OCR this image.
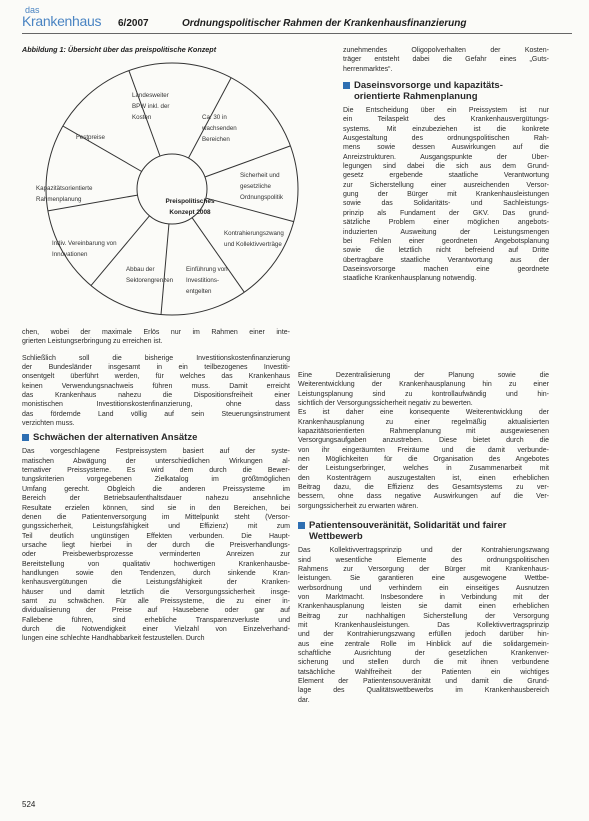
das
Krankenhaus 6/2007	Ordnungspolitischer Rahmen der Krankenhausfinanzierung
Abbildung 1: Übersicht über das preispolitische Konzept
Preispolitisches
Konzept 2008
Festpreise
Landesweiter
BPW inkl. der
Kosten	Ca. 30 in
wachsenden
Bereichen
Kapazitätsorientierte
Rahmenplanung
Sicherheit und
gesetzliche
Ordnungspolitik
Kontrahierungszwang
und Kollektivverträge
Indiv. Vereinbarung von
Innovationen
Abbau der
Sektorengrenzen
Einführung von
Investitions-
entgelten
chen, wobei der maximale Erlös nur im Rahmen einer inte-
grierten Leistungserbringung zu erreichen ist.
Schließlich soll die bisherige Investitionskostenfinanzierung
der Bundesländer insgesamt in ein teilbezogenes Investiti-
onsentgelt überführt werden, für welches das Krankenhaus
keinen Verwendungsnachweis führen muss. Damit erreicht
das Krankenhaus nahezu die Dispositionsfreiheit einer
monistischen Investitionskostenfinanzierung, ohne dass
das fördernde Land völlig auf sein Steuerungsinstrument
verzichten muss.
Schwächen der alternativen Ansätze
Das vorgeschlagene Festpreissystem basiert auf der syste-
matischen Abwägung der unterschiedlichen Wirkungen al-
ternativer Preissysteme. Es wird dem durch die Bewer-
tungskriterien vorgegebenen Zielkatalog im größtmöglichen
Umfang gerecht. Obgleich die anderen Preissysteme im
Bereich der Betriebsaufenthaltsdauer nahezu ansehnliche
Resultate erzielen können, sind sie in den Bereichen, bei
denen die Patientenversorgung im Mittelpunkt steht (Versor-
gungssicherheit, Leistungsfähigkeit und Effizienz) mit zum
Teil deutlich ungünstigen Effekten verbunden. Die Haupt-
ursache liegt hierbei in der durch die Preisverhandlungs-
oder Preisbewerbsprozesse verminderten Anreizen zur
Bereitstellung von qualitativ hochwertigen Krankenhausbe-
handlungen sowie den Tendenzen, durch sinkende Kran-
kenhausvergütungen die Leistungsfähigkeit der Kranken-
häuser und damit letztlich die Versorgungssicherheit insge-
samt zu schwächen. Für alle Preissysteme, die zu einer in-
dividualisierung der Preise auf Hausebene oder gar auf
Fallebene führen, sind erhebliche Transparenzverluste und
durch die Notwendigkeit einer Vielzahl von Einzelverhand-
lungen eine schlechte Handhabbarkeit festzustellen. Durch
zunehmendes Oligopolverhalten der Kosten-
träger entsteht dabei die Gefahr eines „Guts-
herrenmarktes“.
Daseinsvorsorge und kapazitäts-
orientierte Rahmenplanung
Die Entscheidung über ein Preissystem ist nur
ein Teilaspekt des Krankenhausvergütungs-
systems. Mit einzubeziehen ist die konkrete
Ausgestaltung des ordnungspolitischen Rah-
mens sowie dessen Auswirkungen auf die
Anreizstrukturen. Ausgangspunkte der Über-
legungen sind dabei die sich aus dem Grund-
gesetz ergebende staatliche Verantwortung
zur Sicherstellung einer ausreichenden Versor-
gung der Bürger mit Krankenhausleistungen
sowie das Solidaritäts- und Sachleistungs-
prinzip als Fundament der GKV. Das grund-
sätzliche Problem einer möglichen angebots-
induzierten Ausweitung der Leistungsmengen
bei Fehlen einer geordneten Angebotsplanung
sowie die letztlich nicht befreiend auf Dritte
übertragbare staatliche Verantwortung aus der
Daseinsvorsorge machen eine geordnete
staatliche Krankenhausplanung notwendig.
Eine Dezentralisierung der Planung sowie die
Weiterentwicklung der Krankenhausplanung hin zu einer
Leistungsplanung sind zu kontrollaufwändig und hin-
sichtlich der Versorgungssicherheit negativ zu bewerten.
Es ist daher eine konsequente Weiterentwicklung der
Krankenhausplanung zu einer regelmäßig aktualisierten
kapazitätsorientierten Rahmenplanung mit ausgewiesenen
Versorgungsaufgaben anzustreben. Diese bietet durch die
von ihr eingeräumten Freiräume und die damit verbunde-
nen Möglichkeiten für die Organisation des Angebotes
der Leistungserbringer, welches in Zusammenarbeit mit
den Kostenträgern auszugestalten ist, einen erheblichen
Beitrag dazu, die Effizienz des Gesamtsystems zu ver-
bessern, ohne dass negative Auswirkungen auf die Ver-
sorgungssicherheit zu erwarten wären.
Patientensouveränität, Solidarität und fairer
Wettbewerb
Das Kollektivvertragsprinzip und der Kontrahierungszwang
sind wesentliche Elemente des ordnungspolitischen
Rahmens zur Versorgung der Bürger mit Krankenhaus-
leistungen. Sie garantieren eine ausgewogene Wettbe-
werbsordnung und verhindern ein einseitiges Ausnutzen
von Marktmacht. Insbesondere in Verbindung mit der
Krankenhausplanung leisten sie damit einen erheblichen
Beitrag zur nachhaltigen Sicherstellung der Versorgung
mit Krankenhausleistungen. Das Kollektivvertragsprinzip
und der Kontrahierungszwang erfüllen jedoch darüber hin-
aus eine zentrale Rolle im Hinblick auf die solidargemein-
schaftliche Ausrichtung der gesetzlichen Krankenver-
sicherung und stellen durch die mit ihnen verbundene
tatsächliche Wahlfreiheit der Patienten ein wichtiges
Element der Patientensouveränität und damit die Grund-
lage des Qualitätswettbewerbs im Krankenhausbereich
dar.
524
